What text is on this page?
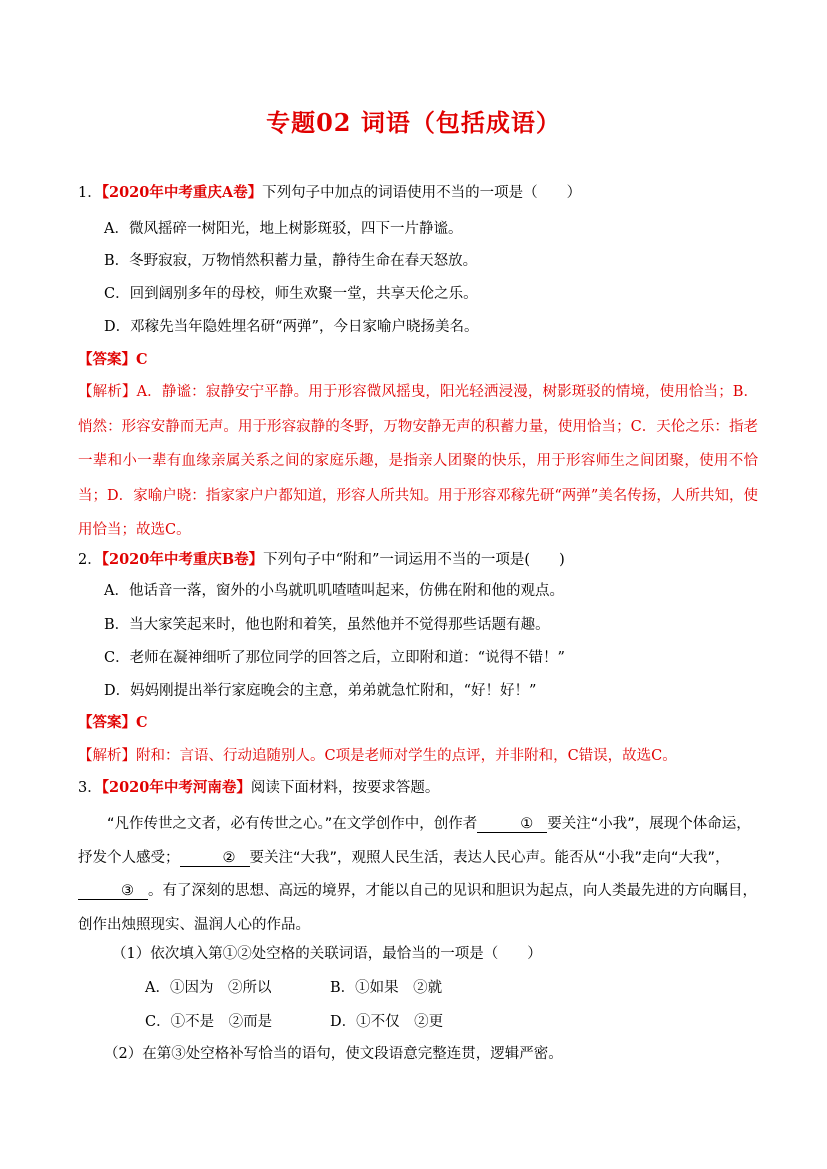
专题02 词语（包括成语）
1．【2020年中考重庆A卷】下列句子中加点的词语使用不当的一项是（　　）
A．微风摇碎一树阳光，地上树影斑驳，四下一片静谧。
B．冬野寂寂，万物悄然积蓄力量，静待生命在春天怒放。
C．回到阔别多年的母校，师生欢聚一堂，共享天伦之乐。
D．邓稼先当年隐姓埋名研“两弹”，今日家喻户晓扬美名。
【答案】C
【解析】A．静谧：寂静安宁平静。用于形容微风摇曳，阳光轻洒浸漫，树影斑驳的情境，使用恰当；B．悄然：形容安静而无声。用于形容寂静的冬野，万物安静无声的积蓄力量，使用恰当；C．天伦之乐：指老一辈和小一辈有血缘亲属关系之间的家庭乐趣，是指亲人团聚的快乐，用于形容师生之间团聚，使用不恰当；D．家喻户晓：指家家户户都知道，形容人所共知。用于形容邓稼先研“两弹”美名传扬，人所共知，使用恰当；故选C。
2．【2020年中考重庆B卷】下列句子中“附和”一词运用不当的一项是(　　)
A．他话音一落，窗外的小鸟就叽叽喳喳叫起来，仿佛在附和他的观点。
B．当大家笑起来时，他也附和着笑，虽然他并不觉得那些话题有趣。
C．老师在凝神细听了那位同学的回答之后，立即附和道：“说得不错！”
D．妈妈刚提出举行家庭晚会的主意，弟弟就急忙附和，“好！好！”
【答案】C
【解析】附和：言语、行动追随别人。C项是老师对学生的点评，并非附和，C错误，故选C。
3．【2020年中考河南卷】阅读下面材料，按要求答题。
“凡作传世之文者，必有传世之心。”在文学创作中，创作者	① 要关注“小我”，展现个体命运，抒发个人感受；	② 要关注“大我”，观照人民生活，表达人民心声。能否从“小我”走向“大我”，③ 。有了深刻的思想、高远的境界，才能以自己的见识和胆识为起点，向人类最先进的方向瞩目，创作出烛照现实、温润人心的作品。
（1）依次填入第①②处空格的关联词语，最恰当的一项是（　　）
A．①因为　②所以	B．①如果　②就
C．①不是　②而是	D．①不仅　②更
（2）在第③处空格补写恰当的语句，使文段语意完整连贯，逻辑严密。
